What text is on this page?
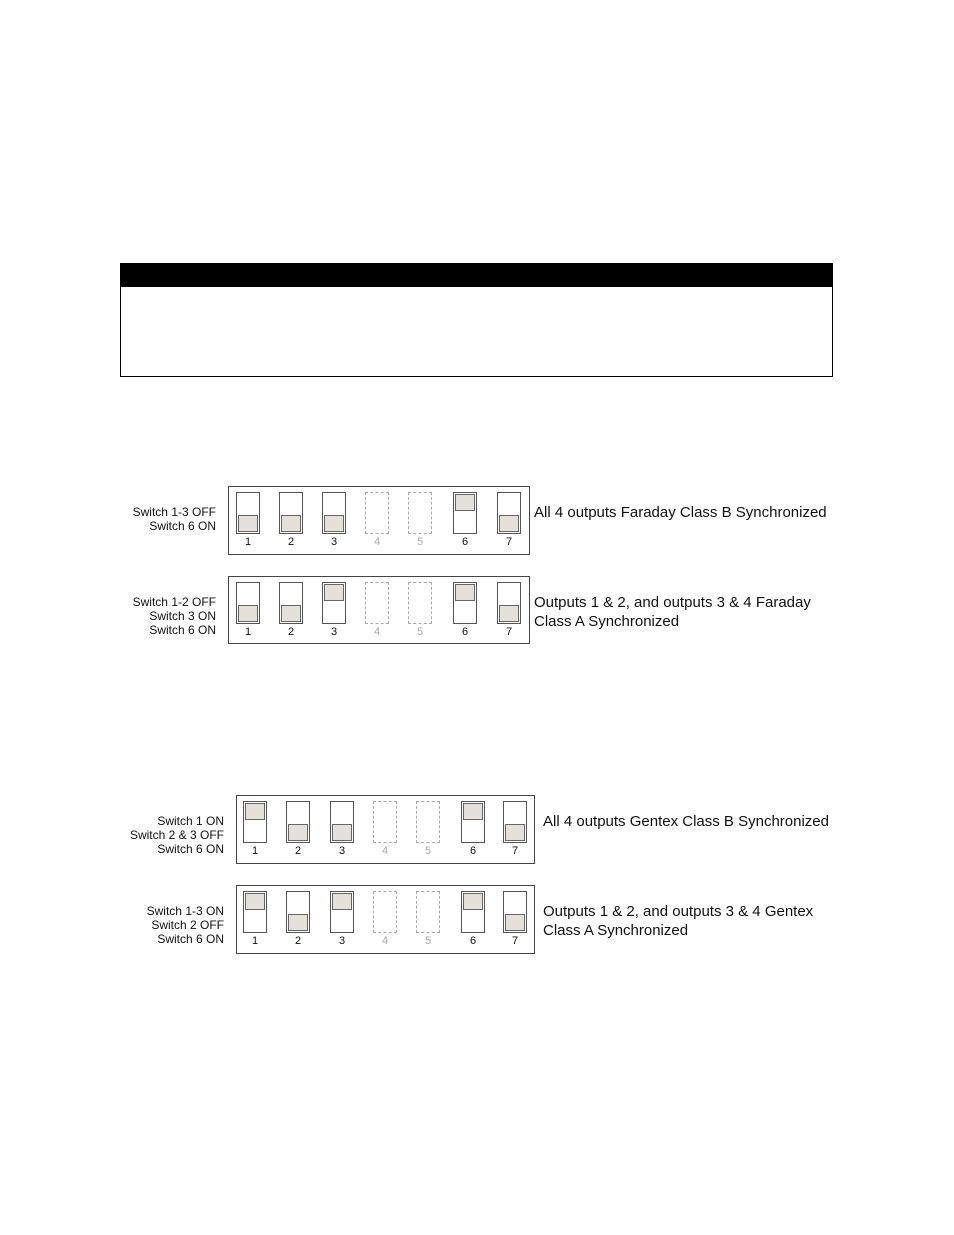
Switch 1-3 OFF
Switch 6 ON
1	2	3	4	5	6	7
All 4 outputs Faraday Class B Synchronized
Switch 1-2 OFF
Switch 3 ON
Switch 6 ON	1	2	3	4	5	6	7
Outputs 1 & 2, and outputs 3 & 4 Faraday
Class A Synchronized
Switch 1 ON
Switch 2 & 3 OFF
Switch 6 ON	1	2	3	4	5	6	7
All 4 outputs Gentex Class B Synchronized
Switch 1-3 ON
Switch 2 OFF
Switch 6 ON	1	2	3	4	5	6	7
Outputs 1 & 2, and outputs 3 & 4 Gentex
Class A Synchronized
